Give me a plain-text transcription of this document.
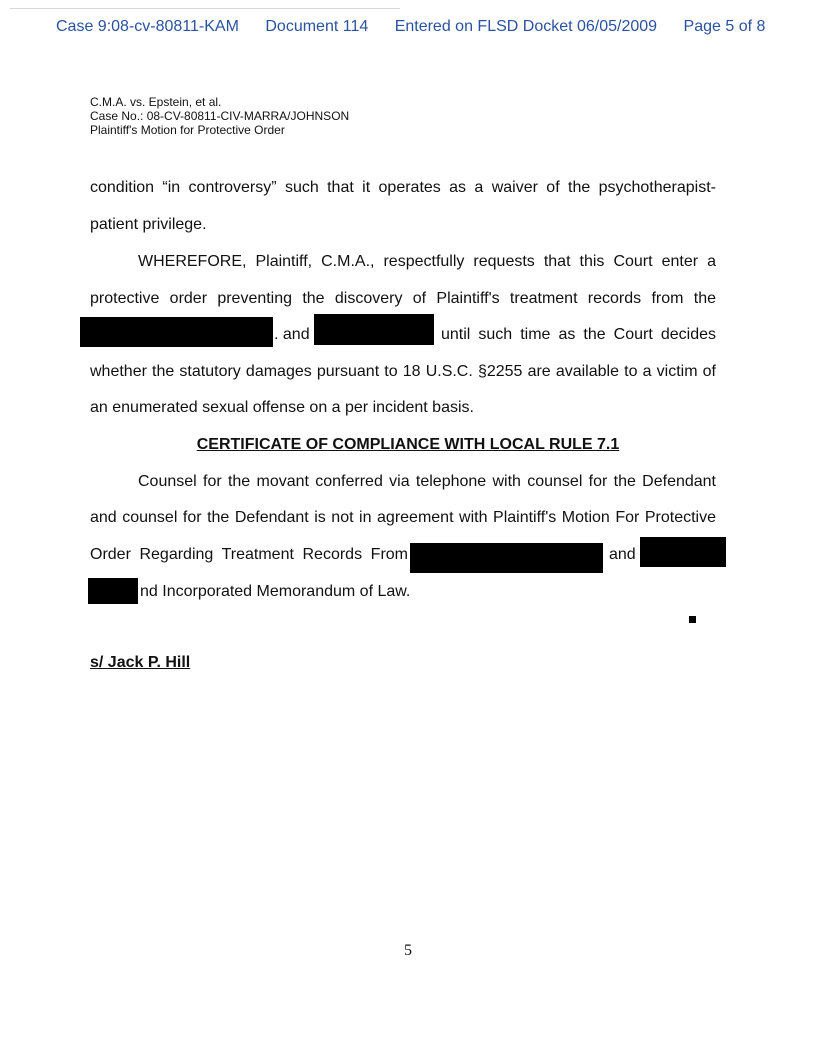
Case 9:08-cv-80811-KAM Document 114 Entered on FLSD Docket 06/05/2009 Page 5 of 8
C.M.A. vs. Epstein, et al.
Case No.: 08-CV-80811-CIV-MARRA/JOHNSON
Plaintiff's Motion for Protective Order
condition “in controversy” such that it operates as a waiver of the psychotherapist-
patient privilege.
WHEREFORE, Plaintiff, C.M.A., respectfully requests that this Court enter a
protective order preventing the discovery of Plaintiff's treatment records from the
. and	until such time as the Court decides
whether the statutory damages pursuant to 18 U.S.C. §2255 are available to a victim of
an enumerated sexual offense on a per incident basis.
CERTIFICATE OF COMPLIANCE WITH LOCAL RULE 7.1
Counsel for the movant conferred via telephone with counsel for the Defendant
and counsel for the Defendant is not in agreement with Plaintiff's Motion For Protective
Order Regarding Treatment Records From	and
nd Incorporated Memorandum of Law.
s/ Jack P. Hill
5
